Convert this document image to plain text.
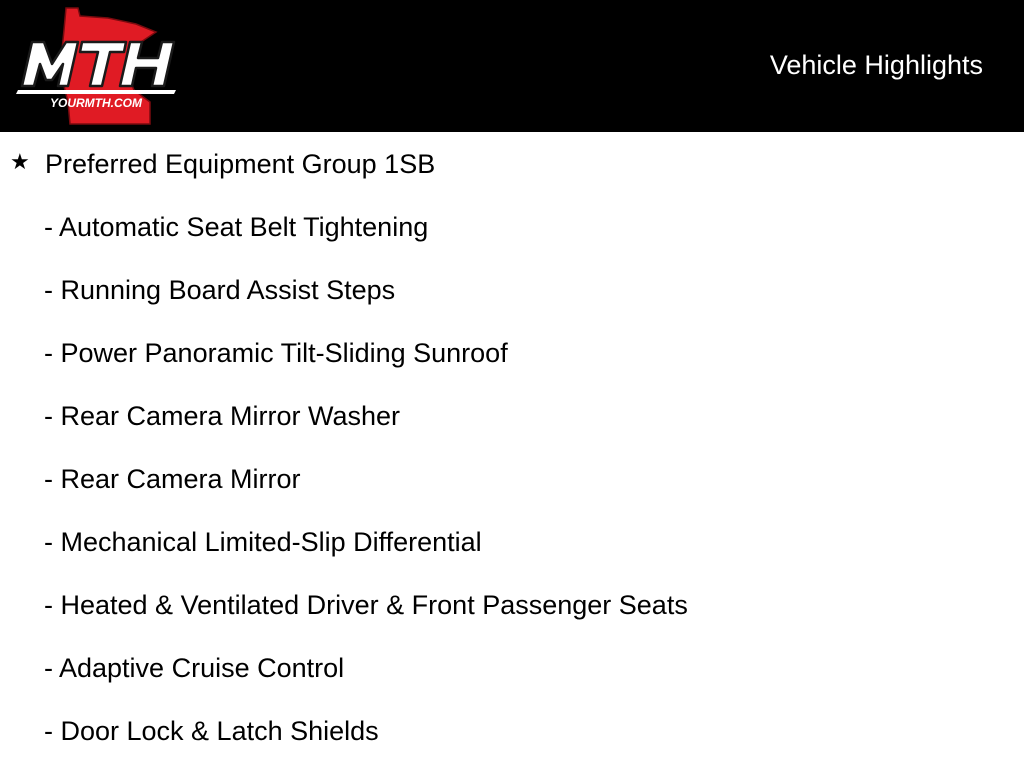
YOURMTH.COM
Vehicle Highlights
★ Preferred Equipment Group 1SB
- Automatic Seat Belt Tightening
- Running Board Assist Steps
- Power Panoramic Tilt-Sliding Sunroof
- Rear Camera Mirror Washer
- Rear Camera Mirror
- Mechanical Limited-Slip Differential
- Heated & Ventilated Driver & Front Passenger Seats
- Adaptive Cruise Control
- Door Lock & Latch Shields
